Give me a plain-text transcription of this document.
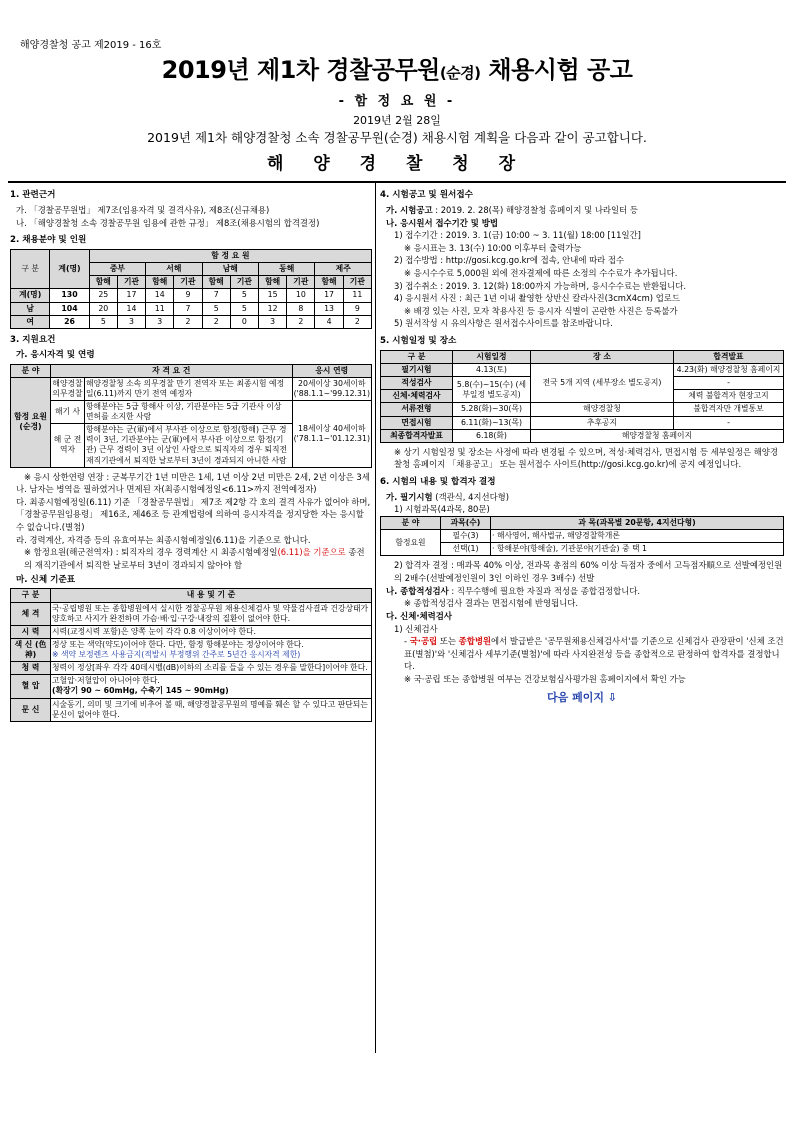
해양경찰청 공고 제2019 - 16호
2019년 제1차 경찰공무원(순경) 채용시험 공고
- 함 정 요 원 -
2019년 2월 28일
2019년 제1차 해양경찰청 소속 경찰공무원(순경) 채용시험 계획을 다음과 같이 공고합니다.
해 양 경 찰 청 장
1. 관련근거
가. 「경찰공무원법」 제7조(임용자격 및 결격사유), 제8조(신규채용)
나. 「해양경찰청 소속 경찰공무원 임용에 관한 규정」 제8조(채용시험의 합격결정)
2. 채용분야 및 인원
구 분	계(명)	함 정 요 원									
		중부		서해		남해		동해		제주	
		함해	기관	함해	기관	함해	기관	함해	기관	함해	기관
계(명)	130	25	17	14	9	7	5	15	10	17	11
남	104	20	14	11	7	5	5	12	8	13	9
여	26	5	3	3	2	2	0	3	2	4	2
3. 지원요건
가. 응시자격 및 연령
분 야	자 격 요 건		응시 연령
함정 요원 (순경)	해양경찰 의무경찰	해양경찰청 소속 의무경찰 만기 전역자 또는 최종시험 예정일(6.11)까지 만기 전역 예정자	20세이상 30세이하 ('88.1.1~'99.12.31)
	해기 사	항해분야는 5급 항해사 이상, 기관분야는 5급 기관사 이상 면허를 소지한 사람	18세이상 40세이하 ('78.1.1~'01.12.31)
	해 군 전역자	항해분야는 군(軍)에서 부사관 이상으로 함정(항해) 근무 경력이 3년, 기관분야는 군(軍)에서 부사관 이상으로 함정(기관) 근무 경력이 3년 이상인 사람으로 퇴직자의 경우 퇴직전 재직기관에서 퇴직한 날로부터 3년이 경과되지 아니한 사람	
※ 응시 상한연령 연장 : 군복무기간 1년 미만은 1세, 1년 이상 2년 미만은 2세, 2년 이상은 3세
나. 남자는 병역을 필하였거나 면제된 자(최종시험예정일<6.11>까지 전역예정자)
다. 최종시험예정일(6.11) 기준 「경찰공무원법」 제7조 제2항 각 호의 결격 사유가 없어야 하며, 「경찰공무원임용령」 제16조, 제46조 등 관계법령에 의하여 응시자격을 정지당한 자는 응시할 수 없습니다.(별첨)
라. 경력계산, 자격증 등의 유효여부는 최종시험예정일(6.11)을 기준으로 합니다.
※ 함정요원(해군전역자) : 퇴직자의 경우 경력계산 시 최종시험예정일(6.11)을 기준으로 종전의 재직기관에서 퇴직한 날로부터 3년이 경과되지 않아야 함
마. 신체 기준표
구 분	내 용 및 기 준
체 격	국·공립병원 또는 종합병원에서 실시한 경찰공무원 채용신체검사 및 약물검사결과 건강상태가 양호하고 사지가 완전하며 가슴·배·입·구강·내장의 질환이 없어야 한다.

시 력	시력(교정시력 포함)은 양쪽 눈이 각각 0.8 이상이어야 한다.

색 신 (色神)	정상 또는 색약(약도)이어야 한다. 다만, 함정 항해분야는 정상이어야 한다.
※ 색약 보정렌즈 사용금지(적발시 부정행위 간주로 5년간 응시자격 제한)

청 력	청력이 정상[좌우 각각 40데시벨(dB)이하의 소리를 들을 수 있는 경우를 말한다]이어야 한다.

혈 압	고혈압·저혈압이 아니어야 한다.
(확장기 90 ~ 60mHg, 수축기 145 ~ 90mHg)

문 신	시술동기, 의미 및 크기에 비추어 볼 때, 해양경찰공무원의 명예를 훼손 할 수 있다고 판단되는 문신이 없어야 한다.
4. 시험공고 및 원서접수
가. 시험공고 : 2019. 2. 28(목) 해양경찰청 홈페이지 및 나라일터 등
나. 응시원서 접수기간 및 방법
1) 접수기간 : 2019. 3. 1(금) 10:00 ~ 3. 11(월) 18:00 [11일간]
※ 응시표는 3. 13(수) 10:00 이후부터 출력가능
2) 접수방법 : http://gosi.kcg.go.kr에 접속, 안내에 따라 접수
※ 응시수수료 5,000원 외에 전자결제에 따른 소정의 수수료가 추가됩니다.
3) 접수취소 : 2019. 3. 12(화) 18:00까지 가능하며, 응시수수료는 반환됩니다.
4) 응시원서 사진 : 최근 1년 이내 촬영한 상반신 칼라사진(3cmX4cm) 업로드
※ 배경 있는 사진, 모자 착용사진 등 응시자 식별이 곤란한 사진은 등록불가
5) 원서작성 시 유의사항은 원서접수사이트를 참조바랍니다.
5. 시험일정 및 장소
구 분	시험일정	장 소	합격발표
필기시험	4.13(토)	전국 5개 지역 (세부장소 별도공지)	4.23(화) 해양경찰청 홈페이지
적성검사	5.8(수)~15(수) (세부일정 별도공지)		-
신체·체력검사			체력 불합격자 현장고지
서류전형	5.28(화)~30(목)	해양경찰청	불합격자만 개별통보
면접시험	6.11(화)~13(목)	추후공지	-
최종합격자발표	6.18(화)	해양경찰청 홈페이지	
※ 상기 시험일정 및 장소는 사정에 따라 변경될 수 있으며, 적성·체력검사, 면접시험 등 세부일정은 해양경찰청 홈페이지 「채용공고」 또는 원서접수 사이트(http://gosi.kcg.go.kr)에 공지 예정입니다.
6. 시험의 내용 및 합격자 결정
가. 필기시험 (객관식, 4지선다형)
1) 시험과목(4과목, 80문)
분 야	과목(수)	과 목(과목별 20문항, 4지선다형)
함정요원	필수(3)	· 해사영어, 해사법규, 해양경찰학개론
	선택(1)	· 항해분야(항해술), 기관분야(기관술) 중 택 1
2) 합격자 결정 : 매과목 40% 이상, 전과목 총점의 60% 이상 득점자 중에서 고득점자順으로 선발예정인원의 2배수(선발예정인원이 3인 이하인 경우 3배수) 선발
나. 종합적성검사 : 직무수행에 필요한 자질과 적성을 종합검정합니다.
※ 종합적성검사 결과는 면접시험에 반영됩니다.
다. 신체·체력검사
1) 신체검사
- 국·공립 또는 종합병원에서 발급받은 '공무원채용신체검사서'를 기준으로 신체검사 관장판이 '신체 조건표(별첨)'와 '신체검사 세부기준(별첨)'에 따라 사지완전성 등을 종합적으로 판정하여 합격자를 결정합니다.
※ 국·공립 또는 종합병원 여부는 건강보험심사평가원 홈페이지에서 확인 가능
다음 페이지 ⇩
